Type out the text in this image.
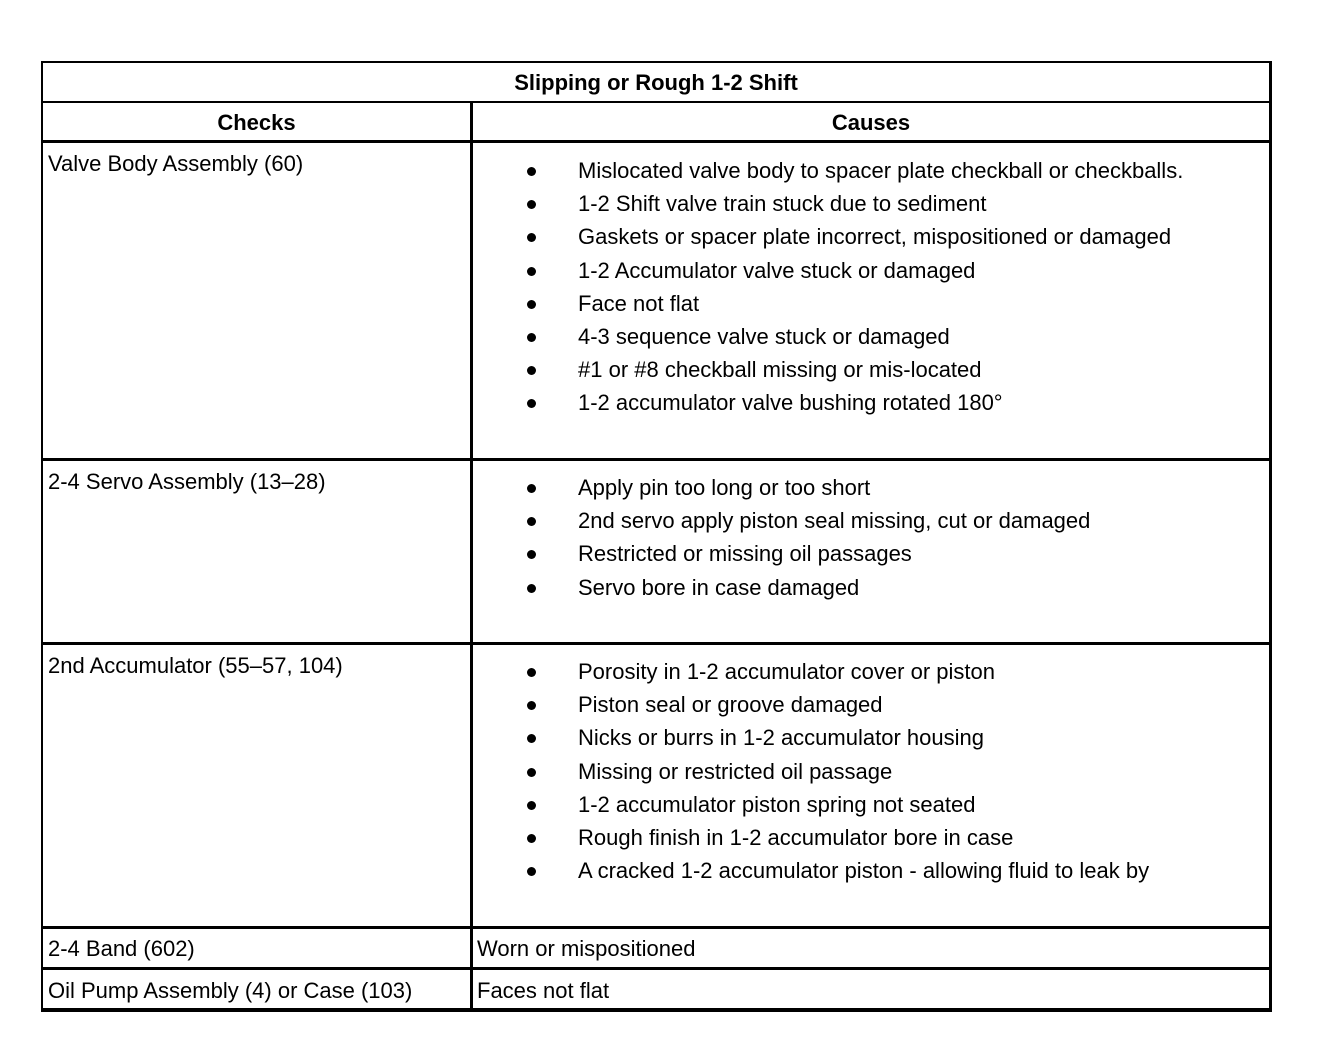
Slipping or Rough 1-2 Shift
Checks	Causes
Valve Body Assembly (60)	Mislocated valve body to spacer plate checkball or checkballs.
1-2 Shift valve train stuck due to sediment
Gaskets or spacer plate incorrect, mispositioned or damaged
1-2 Accumulator valve stuck or damaged
Face not flat
4-3 sequence valve stuck or damaged
#1 or #8 checkball missing or mis-located
1-2 accumulator valve bushing rotated 180°
2-4 Servo Assembly (13–28)	Apply pin too long or too short
2nd servo apply piston seal missing, cut or damaged
Restricted or missing oil passages
Servo bore in case damaged
2nd Accumulator (55–57, 104)	Porosity in 1-2 accumulator cover or piston
Piston seal or groove damaged
Nicks or burrs in 1-2 accumulator housing
Missing or restricted oil passage
1-2 accumulator piston spring not seated
Rough finish in 1-2 accumulator bore in case
A cracked 1-2 accumulator piston - allowing fluid to leak by
2-4 Band (602)	Worn or mispositioned
Oil Pump Assembly (4) or Case (103)	Faces not flat
